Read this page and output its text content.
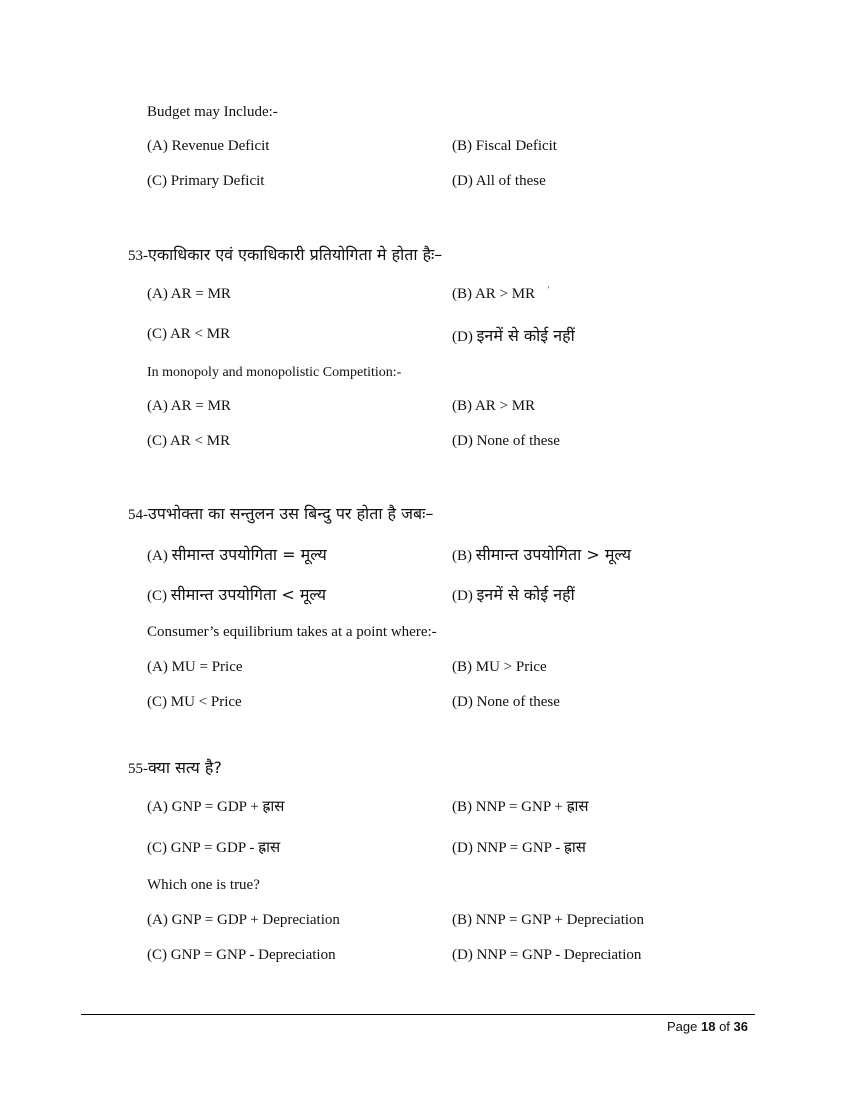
Budget may Include:-
(A) Revenue Deficit	(B) Fiscal Deficit
(C) Primary Deficit	(D) All of these
53-एकाधिकार एवं एकाधिकारी प्रतियोगिता मे होता हैः–
(A) AR = MR	(B) AR > MR '
(C) AR < MR	(D) इनमें से कोई नहीं
In monopoly and monopolistic Competition:-
(A) AR = MR	(B) AR > MR
(C) AR < MR	(D) None of these
54-उपभोक्ता का सन्तुलन उस बिन्दु पर होता है जबः–
(A) सीमान्त उपयोगिता = मूल्य	(B) सीमान्त उपयोगिता > मूल्य
(C) सीमान्त उपयोगिता < मूल्य	(D) इनमें से कोई नहीं
Consumer’s equilibrium takes at a point where:-
(A) MU = Price	(B) MU > Price
(C) MU < Price	(D) None of these
55-क्या सत्य है?
(A) GNP = GDP + ह्रास	(B) NNP = GNP + ह्रास
(C) GNP = GDP - ह्रास	(D) NNP = GNP - ह्रास
Which one is true?
(A) GNP = GDP + Depreciation	(B) NNP = GNP + Depreciation
(C) GNP = GNP - Depreciation	(D) NNP = GNP - Depreciation
Page 18 of 36
